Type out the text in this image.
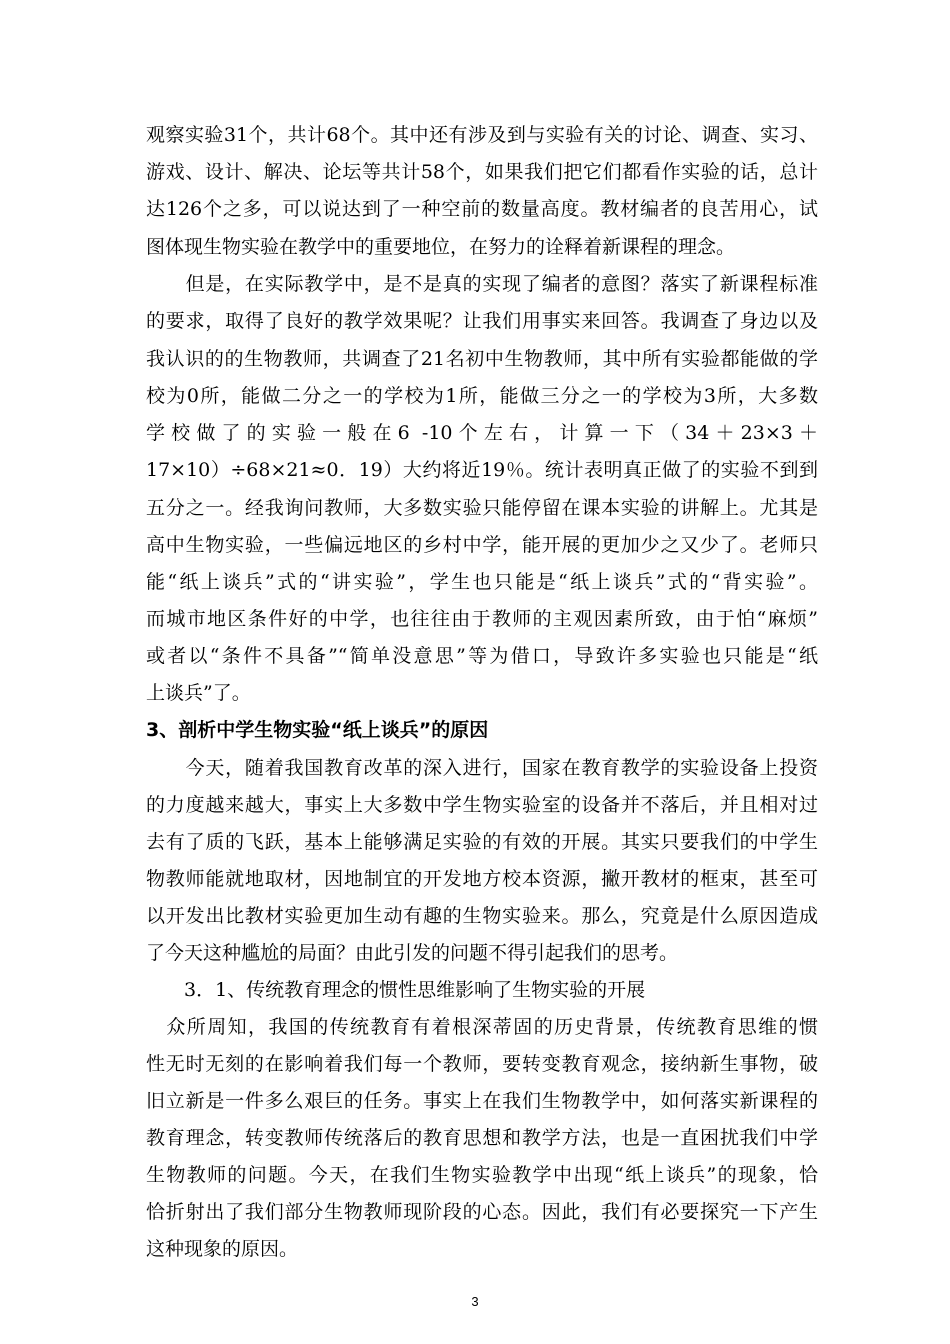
观察实验31个，共计68个。其中还有涉及到与实验有关的讨论、调查、实习、
游戏、设计、解决、论坛等共计58个，如果我们把它们都看作实验的话，总计
达126个之多，可以说达到了一种空前的数量高度。教材编者的良苦用心，试
图体现生物实验在教学中的重要地位，在努力的诠释着新课程的理念。
　　但是，在实际教学中，是不是真的实现了编者的意图？落实了新课程标准
的要求，取得了良好的教学效果呢？让我们用事实来回答。我调查了身边以及
我认识的的生物教师，共调查了21名初中生物教师，其中所有实验都能做的学
校为0所，能做二分之一的学校为1所，能做三分之一的学校为3所，大多数
学校做了的实验一般在6 -10个左右，计算一下（34＋23×3＋
17×10）÷68×21≈0．19）大约将近19％。统计表明真正做了的实验不到到
五分之一。经我询问教师，大多数实验只能停留在课本实验的讲解上。尤其是
高中生物实验，一些偏远地区的乡村中学，能开展的更加少之又少了。老师只
能“纸上谈兵”式的“讲实验”，学生也只能是“纸上谈兵”式的“背实验”。
而城市地区条件好的中学，也往往由于教师的主观因素所致，由于怕“麻烦”
或者以“条件不具备”“简单没意思”等为借口，导致许多实验也只能是“纸
上谈兵”了。
3、剖析中学生物实验“纸上谈兵”的原因
　　今天，随着我国教育改革的深入进行，国家在教育教学的实验设备上投资
的力度越来越大，事实上大多数中学生物实验室的设备并不落后，并且相对过
去有了质的飞跃，基本上能够满足实验的有效的开展。其实只要我们的中学生
物教师能就地取材，因地制宜的开发地方校本资源，撇开教材的框束，甚至可
以开发出比教材实验更加生动有趣的生物实验来。那么，究竟是什么原因造成
了今天这种尴尬的局面？由此引发的问题不得引起我们的思考。
　　3．1、传统教育理念的惯性思维影响了生物实验的开展
　众所周知，我国的传统教育有着根深蒂固的历史背景，传统教育思维的惯
性无时无刻的在影响着我们每一个教师，要转变教育观念，接纳新生事物，破
旧立新是一件多么艰巨的任务。事实上在我们生物教学中，如何落实新课程的
教育理念，转变教师传统落后的教育思想和教学方法，也是一直困扰我们中学
生物教师的问题。今天，在我们生物实验教学中出现“纸上谈兵”的现象，恰
恰折射出了我们部分生物教师现阶段的心态。因此，我们有必要探究一下产生
这种现象的原因。
3
